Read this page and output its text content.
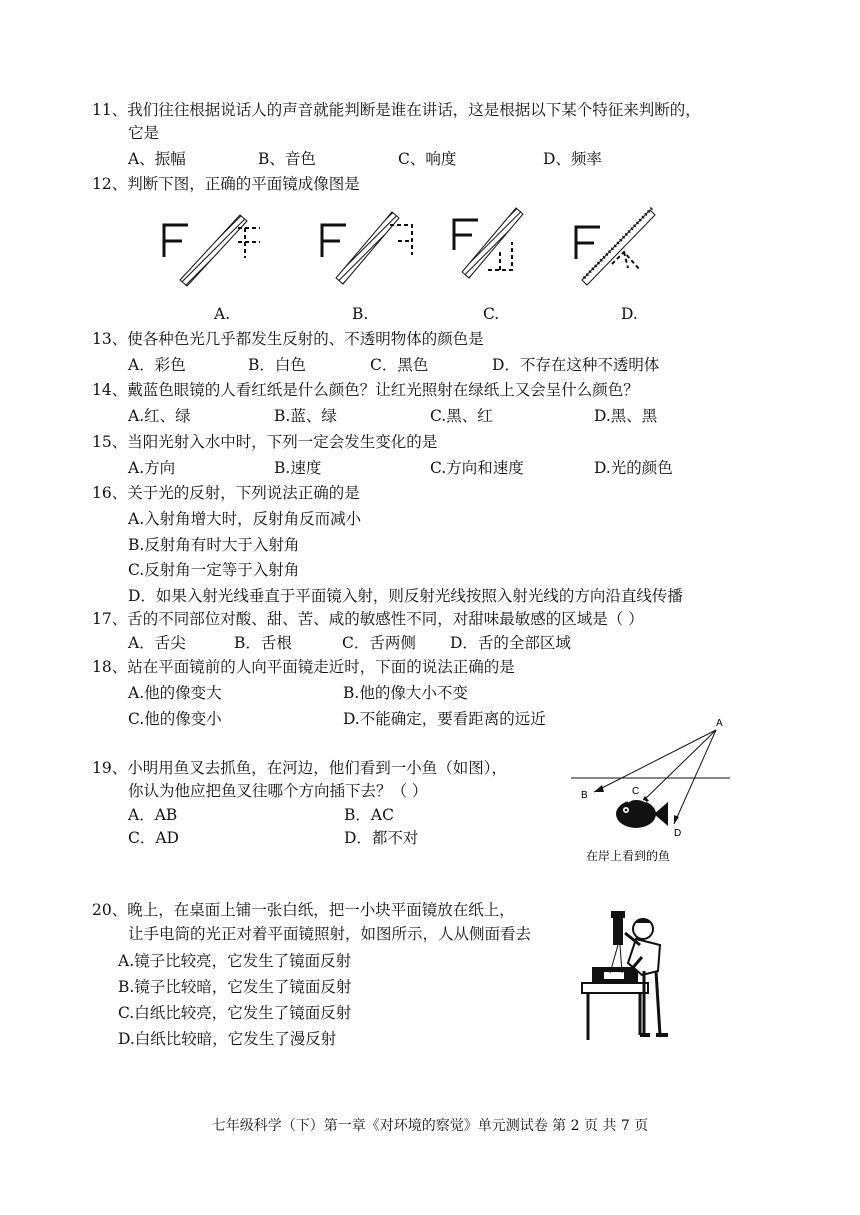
11、我们往往根据说话人的声音就能判断是谁在讲话，这是根据以下某个特征来判断的，
它是
A、振幅	B、音色	C、响度	D、频率
12、判断下图，正确的平面镜成像图是
A.	B.	C.	D.
13、使各种色光几乎都发生反射的、不透明物体的颜色是
A．彩色	B．白色	C．黑色	D．不存在这种不透明体
14、戴蓝色眼镜的人看红纸是什么颜色？让红光照射在绿纸上又会呈什么颜色？
A.红、绿	B.蓝、绿	C.黑、红	D.黑、黑
15、当阳光射入水中时，下列一定会发生变化的是
A.方向	B.速度	C.方向和速度	D.光的颜色
16、关于光的反射，下列说法正确的是
A.入射角增大时，反射角反而减小
B.反射角有时大于入射角
C.反射角一定等于入射角
D．如果入射光线垂直于平面镜入射，则反射光线按照入射光线的方向沿直线传播
17、舌的不同部位对酸、甜、苦、咸的敏感性不同，对甜味最敏感的区域是（ ）
A．舌尖	B．舌根	C．舌两侧 D．舌的全部区域
18、站在平面镜前的人向平面镜走近时，下面的说法正确的是
A.他的像变大	B.他的像大小不变
C.他的像变小	D.不能确定，要看距离的远近
19、小明用鱼叉去抓鱼，在河边，他们看到一小鱼（如图），
你认为他应把鱼叉往哪个方向插下去？（ ）
A．AB	B．AC
C．AD	D．都不对
A
B	C
D
在岸上看到的鱼
20、晚上，在桌面上铺一张白纸，把一小块平面镜放在纸上，
让手电筒的光正对着平面镜照射，如图所示，人从侧面看去
A.镜子比较亮，它发生了镜面反射
B.镜子比较暗，它发生了镜面反射
C.白纸比较亮，它发生了镜面反射
D.白纸比较暗，它发生了漫反射
七年级科学（下）第一章《对环境的察觉》单元测试卷 第 2 页 共 7 页
